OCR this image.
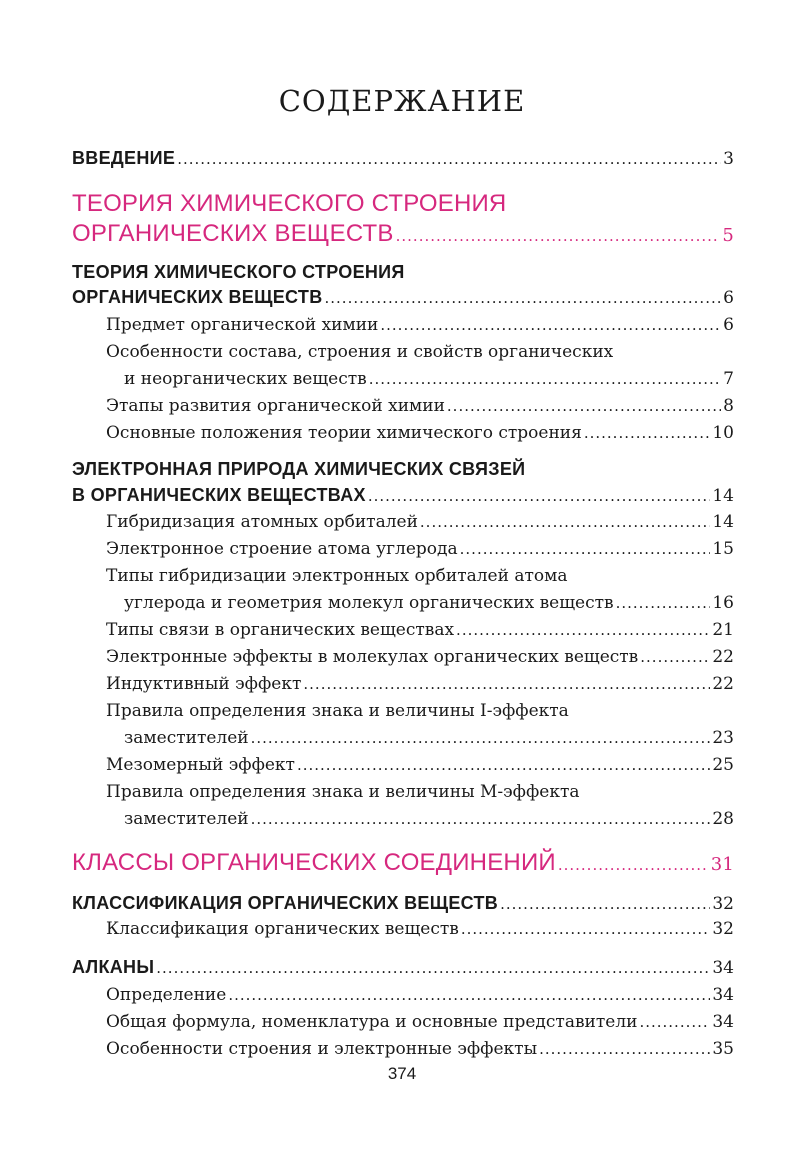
СОДЕРЖАНИЕ
ВВЕДЕНИЕ .....	3
ТЕОРИЯ ХИМИЧЕСКОГО СТРОЕНИЯ
ОРГАНИЧЕСКИХ ВЕЩЕСТВ .....	5
ТЕОРИЯ ХИМИЧЕСКОГО СТРОЕНИЯ
ОРГАНИЧЕСКИХ ВЕЩЕСТВ .....	6
Предмет органической химии .....	6
Особенности состава, строения и свойств органических
и неорганических веществ .....	7
Этапы развития органической химии .....	8
Основные положения теории химического строения .....	10
ЭЛЕКТРОННАЯ ПРИРОДА ХИМИЧЕСКИХ СВЯЗЕЙ
В ОРГАНИЧЕСКИХ ВЕЩЕСТВАХ .....	14
Гибридизация атомных орбиталей .....	14
Электронное строение атома углерода .....	15
Типы гибридизации электронных орбиталей атома
углерода и геометрия молекул органических веществ .....	16
Типы связи в органических веществах .....	21
Электронные эффекты в молекулах органических веществ .....	22
Индуктивный эффект .....	22
Правила определения знака и величины I-эффекта
заместителей .....	23
Мезомерный эффект .....	25
Правила определения знака и величины М-эффекта
заместителей .....	28
КЛАССЫ ОРГАНИЧЕСКИХ СОЕДИНЕНИЙ .....	31
КЛАССИФИКАЦИЯ ОРГАНИЧЕСКИХ ВЕЩЕСТВ .....	32
Классификация органических веществ .....	32
АЛКАНЫ .....	34
Определение .....	34
Общая формула, номенклатура и основные представители .....	34
Особенности строения и электронные эффекты .....	35
374
